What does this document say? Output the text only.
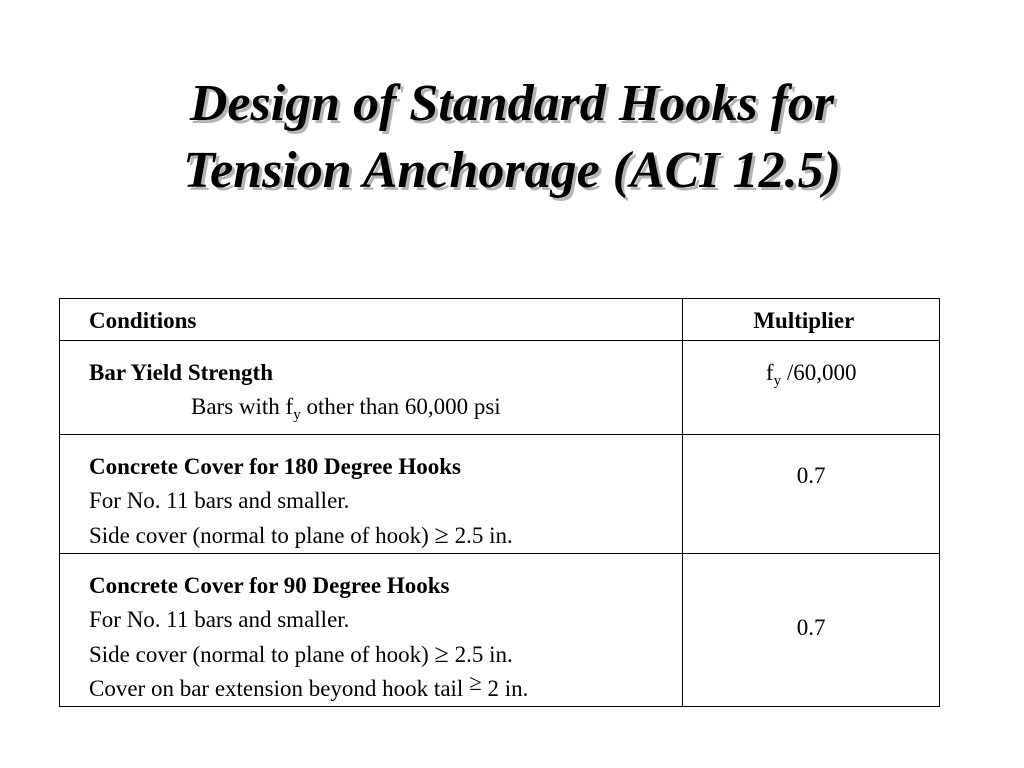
Design of Standard Hooks for
Tension Anchorage (ACI 12.5)
Conditions	Multiplier

Bar Yield Strength
Bars with $f_y$ other than 60,000 psi	$f_y$ /60,000

Concrete Cover for 180 Degree Hooks
For No. 11 bars and smaller.
Side cover (normal to plane of hook) ≥ 2.5 in.	0.7

Concrete Cover for 90 Degree Hooks
For No. 11 bars and smaller.
Side cover (normal to plane of hook) ≥ 2.5 in.
Cover on bar extension beyond hook tail ≥ 2 in.	0.7
